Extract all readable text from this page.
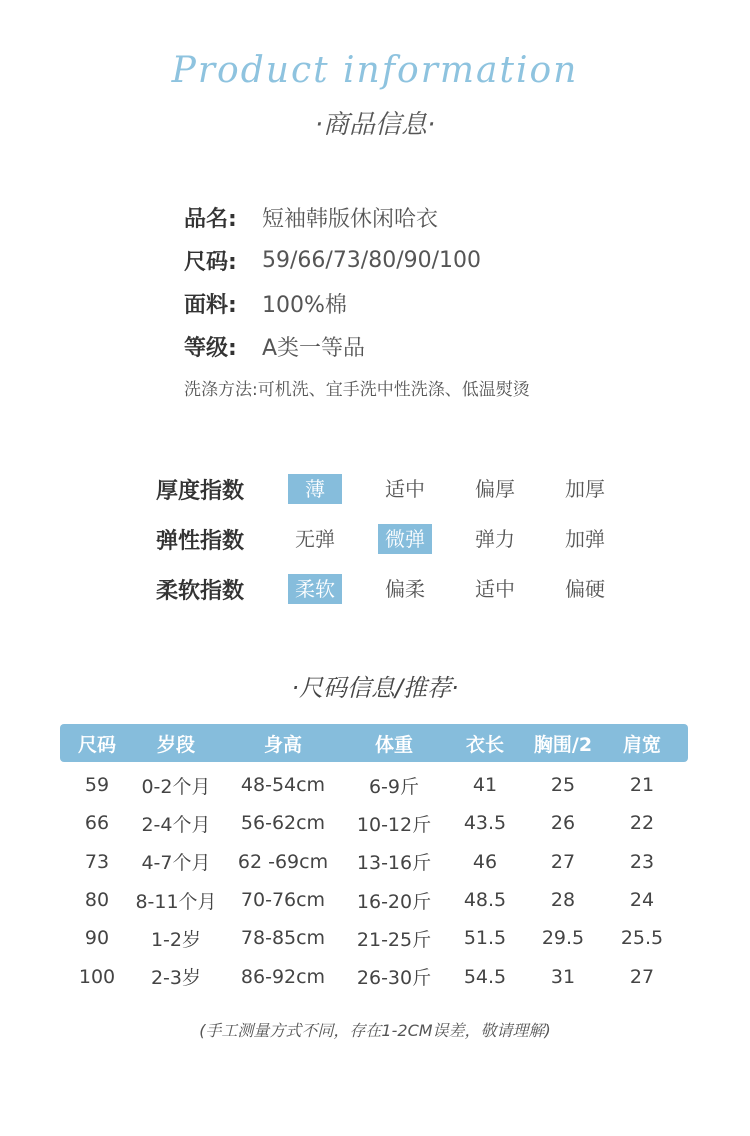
Product information
·商品信息·
品名:	短袖韩版休闲哈衣
尺码:	59/66/73/80/90/100
面料:	100%棉
等级:	A类一等品
洗涤方法:可机洗、宜手洗中性洗涤、低温熨烫
厚度指数	薄	适中	偏厚	加厚
弹性指数	无弹	微弹	弹力	加弹
柔软指数	柔软	偏柔	适中	偏硬
·尺码信息/推荐·
尺码	岁段	身高	体重	衣长	胸围/2	肩宽
59	0-2个月	48-54cm	6-9斤	41	25	21
66	2-4个月	56-62cm	10-12斤	43.5	26	22
73	4-7个月	62 -69cm	13-16斤	46	27	23
80	8-11个月	70-76cm	16-20斤	48.5	28	24
90	1-2岁	78-85cm	21-25斤	51.5	29.5	25.5
100	2-3岁	86-92cm	26-30斤	54.5	31	27
(手工测量方式不同，存在1-2CM误差，敬请理解)
